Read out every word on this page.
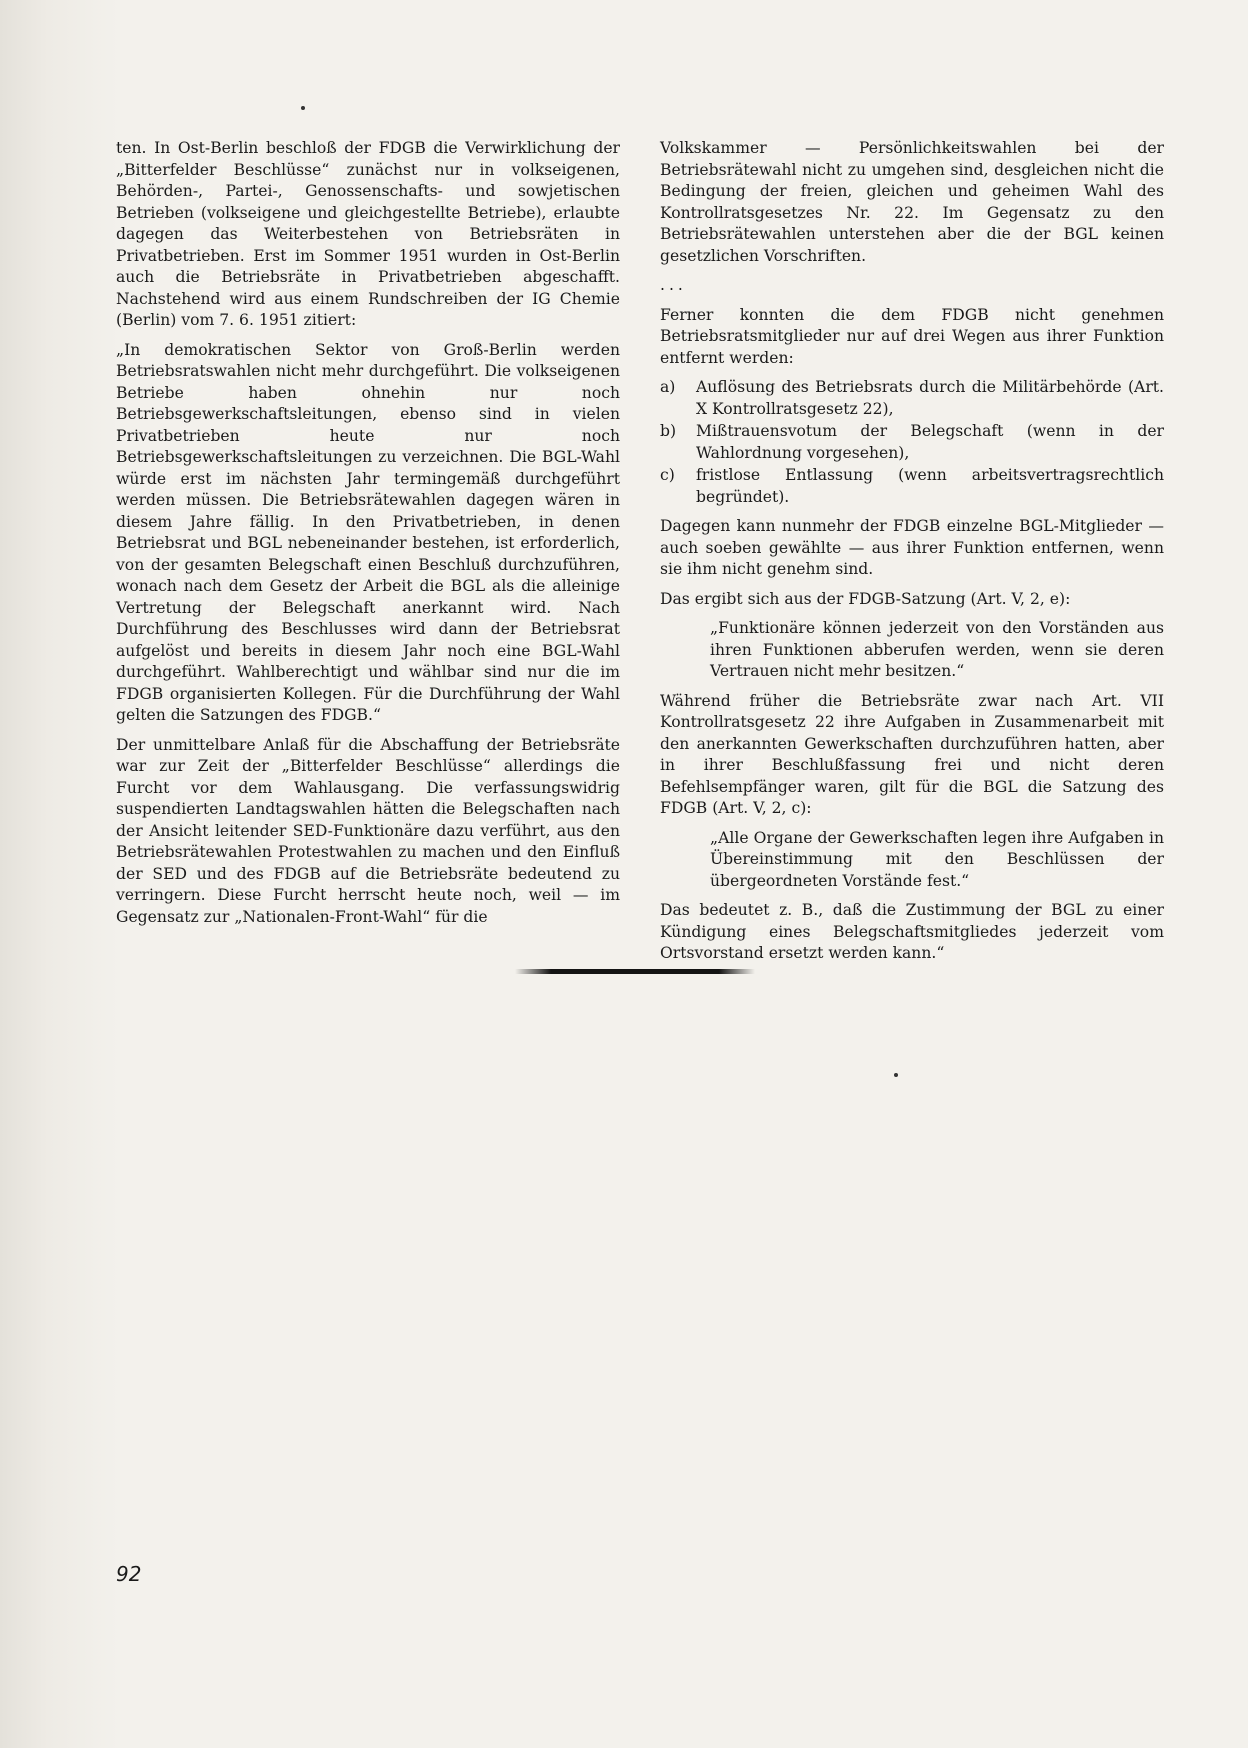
ten. In Ost-Berlin beschloß der FDGB die Verwirklichung der „Bitterfelder Beschlüsse“ zunächst nur in volkseigenen, Behörden-, Partei-, Genossenschafts- und sowjetischen Betrieben (volkseigene und gleichgestellte Betriebe), erlaubte dagegen das Weiterbestehen von Betriebsräten in Privatbetrieben. Erst im Sommer 1951 wurden in Ost-Berlin auch die Betriebsräte in Privatbetrieben abgeschafft. Nachstehend wird aus einem Rundschreiben der IG Chemie (Berlin) vom 7. 6. 1951 zitiert:

„In demokratischen Sektor von Groß-Berlin werden Betriebsratswahlen nicht mehr durchgeführt. Die volkseigenen Betriebe haben ohnehin nur noch Betriebsgewerkschaftsleitungen, ebenso sind in vielen Privatbetrieben heute nur noch Betriebsgewerkschaftsleitungen zu verzeichnen. Die BGL-Wahl würde erst im nächsten Jahr termingemäß durchgeführt werden müssen. Die Betriebsrätewahlen dagegen wären in diesem Jahre fällig. In den Privatbetrieben, in denen Betriebsrat und BGL nebeneinander bestehen, ist erforderlich, von der gesamten Belegschaft einen Beschluß durchzuführen, wonach nach dem Gesetz der Arbeit die BGL als die alleinige Vertretung der Belegschaft anerkannt wird. Nach Durchführung des Beschlusses wird dann der Betriebsrat aufgelöst und bereits in diesem Jahr noch eine BGL-Wahl durchgeführt. Wahlberechtigt und wählbar sind nur die im FDGB organisierten Kollegen. Für die Durchführung der Wahl gelten die Satzungen des FDGB.“

Der unmittelbare Anlaß für die Abschaffung der Betriebsräte war zur Zeit der „Bitterfelder Beschlüsse“ allerdings die Furcht vor dem Wahlausgang. Die verfassungswidrig suspendierten Landtagswahlen hätten die Belegschaften nach der Ansicht leitender SED-Funktionäre dazu verführt, aus den Betriebsrätewahlen Protestwahlen zu machen und den Einfluß der SED und des FDGB auf die Betriebsräte bedeutend zu verringern. Diese Furcht herrscht heute noch, weil — im Gegensatz zur „Nationalen-Front-Wahl“ für die

Volkskammer — Persönlichkeitswahlen bei der Betriebsrätewahl nicht zu umgehen sind, desgleichen nicht die Bedingung der freien, gleichen und geheimen Wahl des Kontrollratsgesetzes Nr. 22. Im Gegensatz zu den Betriebsrätewahlen unterstehen aber die der BGL keinen gesetzlichen Vorschriften.

...

Ferner konnten die dem FDGB nicht genehmen Betriebsratsmitglieder nur auf drei Wegen aus ihrer Funktion entfernt werden:

a)	Auflösung des Betriebsrats durch die Militärbehörde (Art. X Kontrollratsgesetz 22),
b)	Mißtrauensvotum der Belegschaft (wenn in der Wahlordnung vorgesehen),
c)	fristlose Entlassung (wenn arbeitsvertragsrechtlich begründet).

Dagegen kann nunmehr der FDGB einzelne BGL-Mitglieder — auch soeben gewählte — aus ihrer Funktion entfernen, wenn sie ihm nicht genehm sind.

Das ergibt sich aus der FDGB-Satzung (Art. V, 2, e):

„Funktionäre können jederzeit von den Vorständen aus ihren Funktionen abberufen werden, wenn sie deren Vertrauen nicht mehr besitzen.“

Während früher die Betriebsräte zwar nach Art. VII Kontrollratsgesetz 22 ihre Aufgaben in Zusammenarbeit mit den anerkannten Gewerkschaften durchzuführen hatten, aber in ihrer Beschlußfassung frei und nicht deren Befehlsempfänger waren, gilt für die BGL die Satzung des FDGB (Art. V, 2, c):

„Alle Organe der Gewerkschaften legen ihre Aufgaben in Übereinstimmung mit den Beschlüssen der übergeordneten Vorstände fest.“

Das bedeutet z. B., daß die Zustimmung der BGL zu einer Kündigung eines Belegschaftsmitgliedes jederzeit vom Ortsvorstand ersetzt werden kann.“

92
